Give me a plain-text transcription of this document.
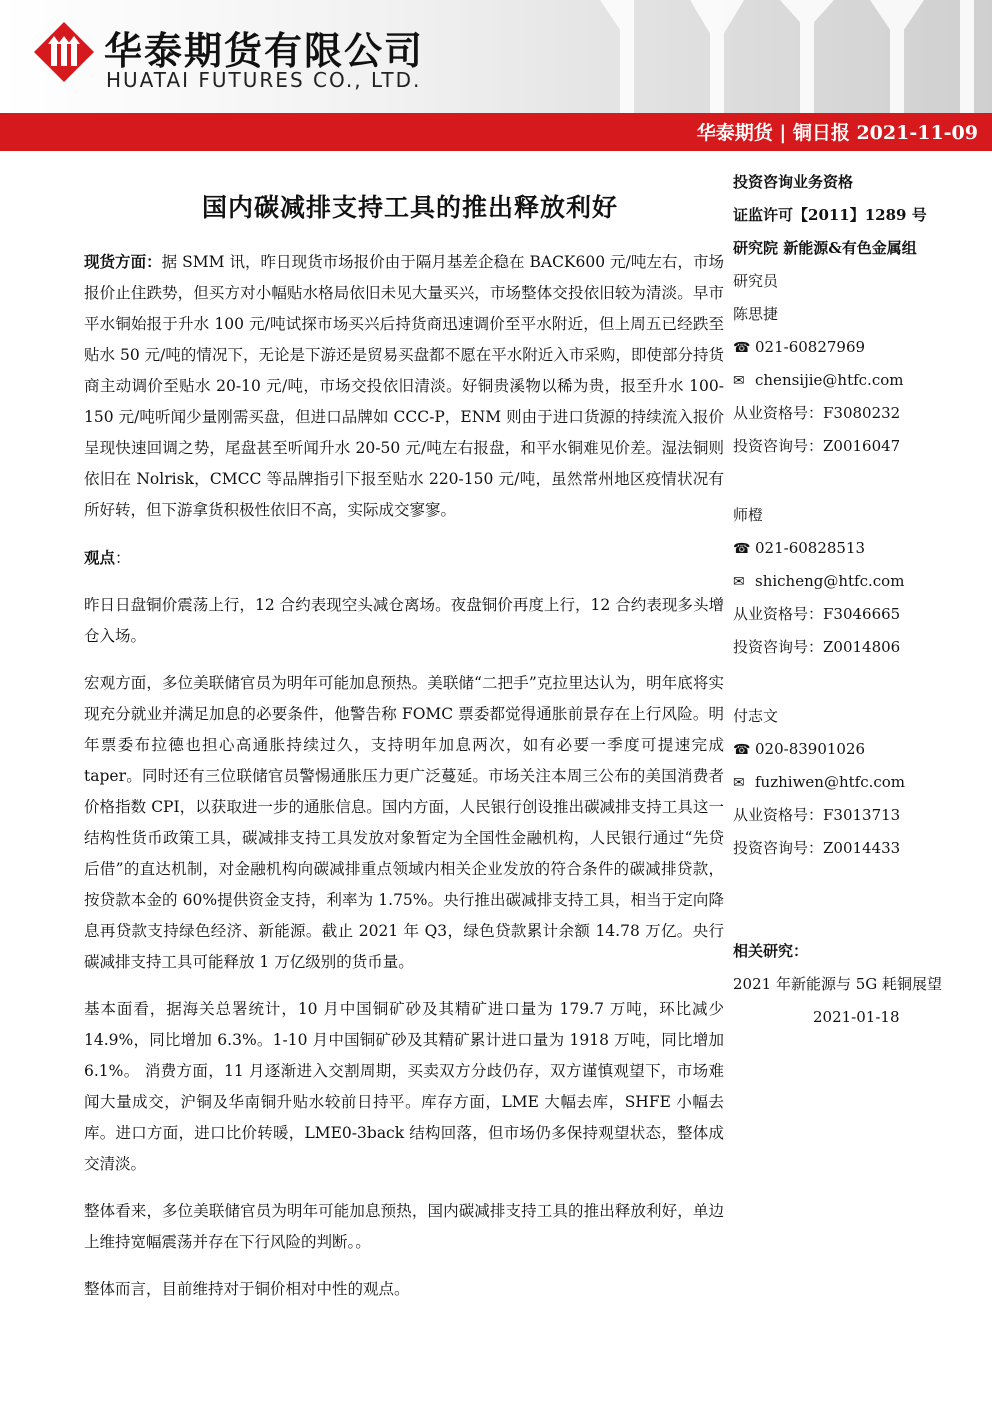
华泰期货有限公司
HUATAI FUTURES CO., LTD.
华泰期货 | 铜日报 2021-11-09
国内碳减排支持工具的推出释放利好

现货方面：据 SMM 讯，昨日现货市场报价由于隔月基差企稳在 BACK600 元/吨左右，市场报价止住跌势，但买方对小幅贴水格局依旧未见大量买兴，市场整体交投依旧较为清淡。早市平水铜始报于升水 100 元/吨试探市场买兴后持货商迅速调价至平水附近，但上周五已经跌至贴水 50 元/吨的情况下，无论是下游还是贸易买盘都不愿在平水附近入市采购，即使部分持货商主动调价至贴水 20-10 元/吨，市场交投依旧清淡。好铜贵溪物以稀为贵，报至升水 100-150 元/吨听闻少量刚需买盘，但进口品牌如 CCC-P，ENM 则由于进口货源的持续流入报价呈现快速回调之势，尾盘甚至听闻升水 20-50 元/吨左右报盘，和平水铜难见价差。湿法铜则依旧在 Nolrisk，CMCC 等品牌指引下报至贴水 220-150 元/吨，虽然常州地区疫情状况有所好转，但下游拿货积极性依旧不高，实际成交寥寥。

观点：

昨日日盘铜价震荡上行，12 合约表现空头减仓离场。夜盘铜价再度上行，12 合约表现多头增仓入场。

宏观方面，多位美联储官员为明年可能加息预热。美联储“二把手”克拉里达认为，明年底将实现充分就业并满足加息的必要条件，他警告称 FOMC 票委都觉得通胀前景存在上行风险。明年票委布拉德也担心高通胀持续过久，支持明年加息两次，如有必要一季度可提速完成 taper。同时还有三位联储官员警惕通胀压力更广泛蔓延。市场关注本周三公布的美国消费者价格指数 CPI，以获取进一步的通胀信息。国内方面，人民银行创设推出碳减排支持工具这一结构性货币政策工具，碳减排支持工具发放对象暂定为全国性金融机构，人民银行通过“先贷后借”的直达机制，对金融机构向碳减排重点领域内相关企业发放的符合条件的碳减排贷款，按贷款本金的 60%提供资金支持，利率为 1.75%。央行推出碳减排支持工具，相当于定向降息再贷款支持绿色经济、新能源。截止 2021 年 Q3，绿色贷款累计余额 14.78 万亿。央行碳减排支持工具可能释放 1 万亿级别的货币量。

基本面看，据海关总署统计，10 月中国铜矿砂及其精矿进口量为 179.7 万吨，环比减少 14.9%，同比增加 6.3%。1-10 月中国铜矿砂及其精矿累计进口量为 1918 万吨，同比增加 6.1%。 消费方面，11 月逐渐进入交割周期，买卖双方分歧仍存，双方谨慎观望下，市场难闻大量成交，沪铜及华南铜升贴水较前日持平。库存方面，LME 大幅去库，SHFE 小幅去库。进口方面，进口比价转暖，LME0-3back 结构回落，但市场仍多保持观望状态，整体成交清淡。

整体看来，多位美联储官员为明年可能加息预热，国内碳减排支持工具的推出释放利好，单边上维持宽幅震荡并存在下行风险的判断。。

整体而言，目前维持对于铜价相对中性的观点。

投资咨询业务资格
证监许可【2011】1289 号
研究院 新能源&有色金属组
研究员
陈思捷
☎ 021-60827969
✉ chensijie@htfc.com
从业资格号：F3080232
投资咨询号：Z0016047
师橙
☎ 021-60828513
✉ shicheng@htfc.com
从业资格号：F3046665
投资咨询号：Z0014806
付志文
☎ 020-83901026
✉ fuzhiwen@htfc.com
从业资格号：F3013713
投资咨询号：Z0014433
相关研究：
2021 年新能源与 5G 耗铜展望
2021-01-18
